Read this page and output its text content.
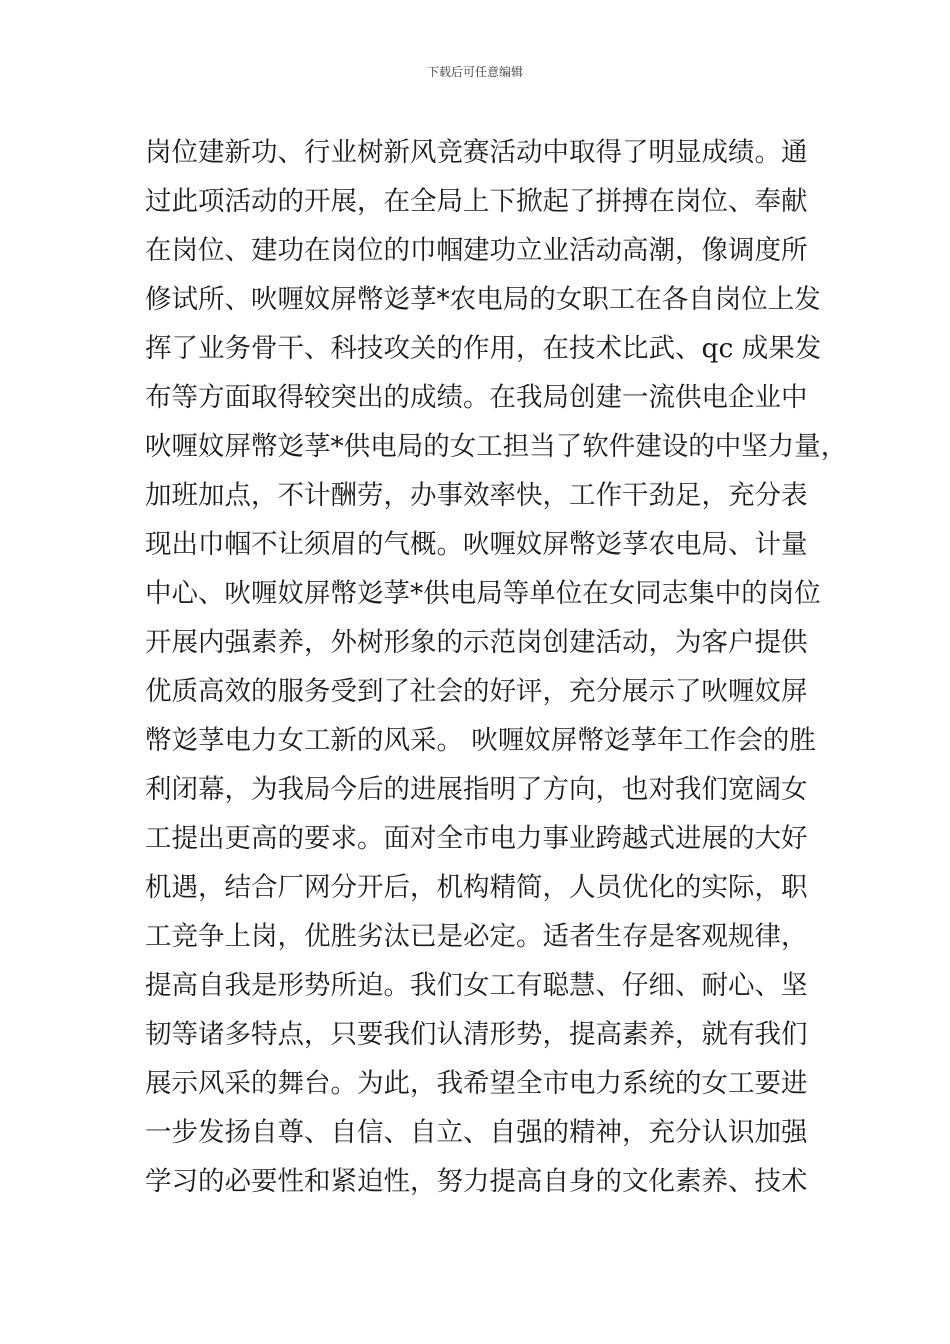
下载后可任意编辑
岗位建新功、行业树新风竞赛活动中取得了明显成绩。通
过此项活动的开展，在全局上下掀起了拼搏在岗位、奉献
在岗位、建功在岗位的巾帼建功立业活动高潮，像调度所
修试所、吙喱妏屏幣彣莩*农电局的女职工在各自岗位上发
挥了业务骨干、科技攻关的作用，在技术比武、qc 成果发
布等方面取得较突出的成绩。在我局创建一流供电企业中
吙喱妏屏幣彣莩*供电局的女工担当了软件建设的中坚力量，
加班加点，不计酬劳，办事效率快，工作干劲足，充分表
现出巾帼不让须眉的气概。吙喱妏屏幣彣莩农电局、计量
中心、吙喱妏屏幣彣莩*供电局等单位在女同志集中的岗位
开展内强素养，外树形象的示范岗创建活动，为客户提供
优质高效的服务受到了社会的好评，充分展示了吙喱妏屏
幣彣莩电力女工新的风采。 吙喱妏屏幣彣莩年工作会的胜
利闭幕，为我局今后的进展指明了方向，也对我们宽阔女
工提出更高的要求。面对全市电力事业跨越式进展的大好
机遇，结合厂网分开后，机构精简，人员优化的实际，职
工竞争上岗，优胜劣汰已是必定。适者生存是客观规律，
提高自我是形势所迫。我们女工有聪慧、仔细、耐心、坚
韧等诸多特点，只要我们认清形势，提高素养，就有我们
展示风采的舞台。为此，我希望全市电力系统的女工要进
一步发扬自尊、自信、自立、自强的精神，充分认识加强
学习的必要性和紧迫性，努力提高自身的文化素养、技术
